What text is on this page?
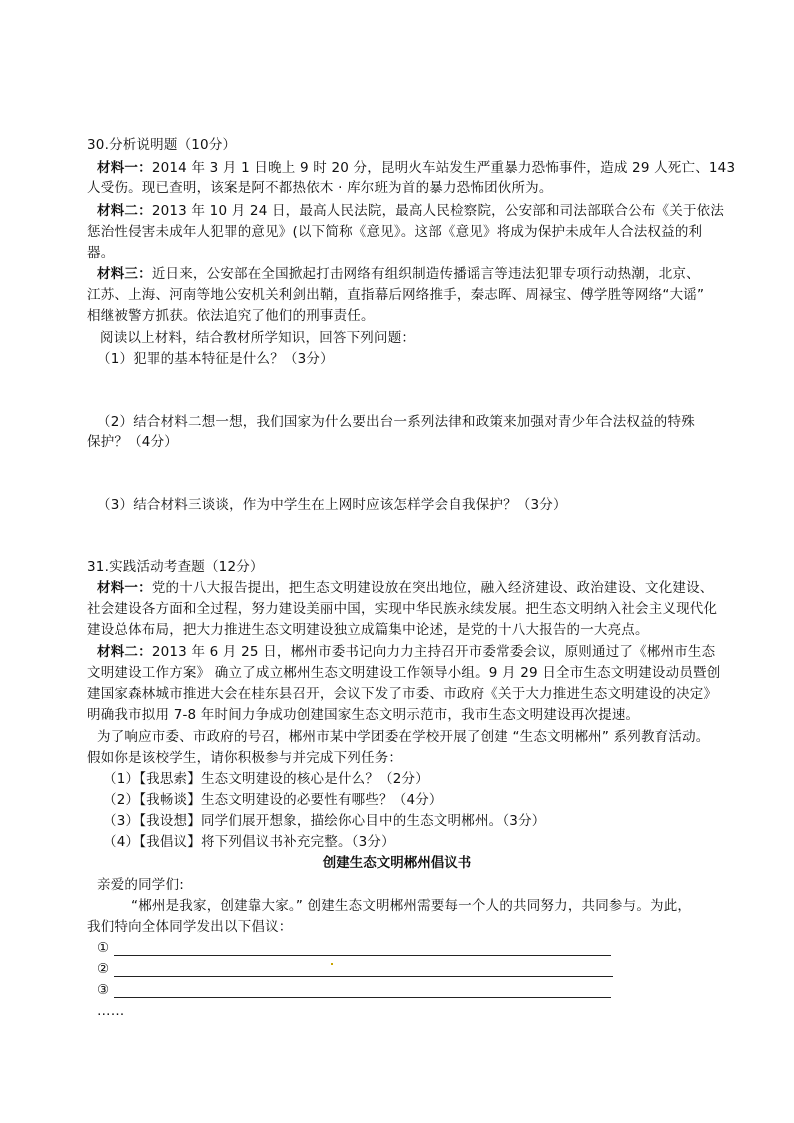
30.分析说明题（10分）
材料一：2014 年 3 月 1 日晚上 9 时 20 分，昆明火车站发生严重暴力恐怖事件，造成 29 人死亡、143
人受伤。现已查明，该案是阿不都热依木 · 库尔班为首的暴力恐怖团伙所为。
材料二：2013 年 10 月 24 日，最高人民法院，最高人民检察院，公安部和司法部联合公布《关于依法
惩治性侵害未成年人犯罪的意见》(以下简称《意见》。这部《意见》将成为保护未成年人合法权益的利
器。
材料三：近日来，公安部在全国掀起打击网络有组织制造传播谣言等违法犯罪专项行动热潮，北京、
江苏、上海、河南等地公安机关利剑出鞘，直指幕后网络推手，秦志晖、周禄宝、傅学胜等网络“大谣”
相继被警方抓获。依法追究了他们的刑事责任。
阅读以上材料，结合教材所学知识，回答下列问题：
（1）犯罪的基本特征是什么？（3分）
（2）结合材料二想一想，我们国家为什么要出台一系列法律和政策来加强对青少年合法权益的特殊
保护？（4分）
（3）结合材料三谈谈，作为中学生在上网时应该怎样学会自我保护？（3分）
31.实践活动考查题（12分）
材料一：党的十八大报告提出，把生态文明建设放在突出地位，融入经济建设、政治建设、文化建设、
社会建设各方面和全过程，努力建设美丽中国，实现中华民族永续发展。把生态文明纳入社会主义现代化
建设总体布局，把大力推进生态文明建设独立成篇集中论述，是党的十八大报告的一大亮点。
材料二：2013 年 6 月 25 日，郴州市委书记向力力主持召开市委常委会议，原则通过了《郴州市生态
文明建设工作方案》 确立了成立郴州生态文明建设工作领导小组。9 月 29 日全市生态文明建设动员暨创
建国家森林城市推进大会在桂东县召开，会议下发了市委、市政府《关于大力推进生态文明建设的决定》
明确我市拟用 7-8 年时间力争成功创建国家生态文明示范市，我市生态文明建设再次提速。
为了响应市委、市政府的号召，郴州市某中学团委在学校开展了创建 “生态文明郴州” 系列教育活动。
假如你是该校学生，请你积极参与并完成下列任务：
（1）【我思索】生态文明建设的核心是什么？（2分）
（2）【我畅谈】生态文明建设的必要性有哪些？（4分）
（3）【我设想】同学们展开想象，描绘你心目中的生态文明郴州。（3分）
（4）【我倡议】将下列倡议书补充完整。（3分）
创建生态文明郴州倡议书
亲爱的同学们:
“郴州是我家，创建靠大家。” 创建生态文明郴州需要每一个人的共同努力，共同参与。为此，
我们特向全体同学发出以下倡议：
①
②
③
……
